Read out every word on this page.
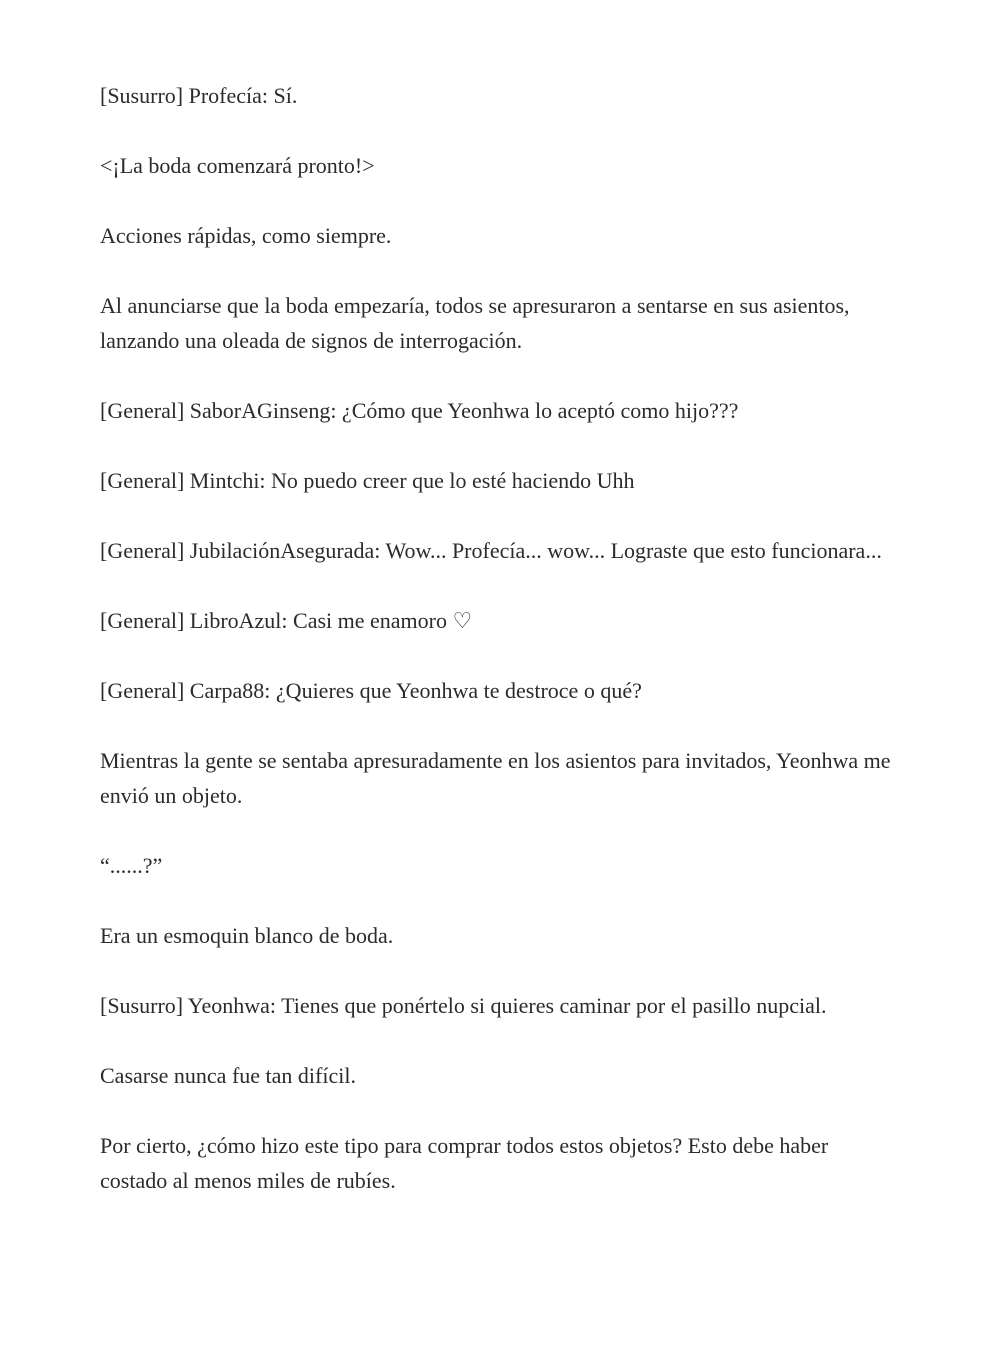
[Susurro] Profecía: Sí.

<¡La boda comenzará pronto!>

Acciones rápidas, como siempre.

Al anunciarse que la boda empezaría, todos se apresuraron a sentarse en sus asientos, lanzando una oleada de signos de interrogación.

[General] SaborAGinseng: ¿Cómo que Yeonhwa lo aceptó como hijo???

[General] Mintchi: No puedo creer que lo esté haciendo Uhh

[General] JubilaciónAsegurada: Wow... Profecía... wow... Lograste que esto funcionara...

[General] LibroAzul: Casi me enamoro ♡

[General] Carpa88: ¿Quieres que Yeonhwa te destroce o qué?

Mientras la gente se sentaba apresuradamente en los asientos para invitados, Yeonhwa me envió un objeto.

“......?”

Era un esmoquin blanco de boda.

[Susurro] Yeonhwa: Tienes que ponértelo si quieres caminar por el pasillo nupcial.

Casarse nunca fue tan difícil.

Por cierto, ¿cómo hizo este tipo para comprar todos estos objetos? Esto debe haber costado al menos miles de rubíes.
